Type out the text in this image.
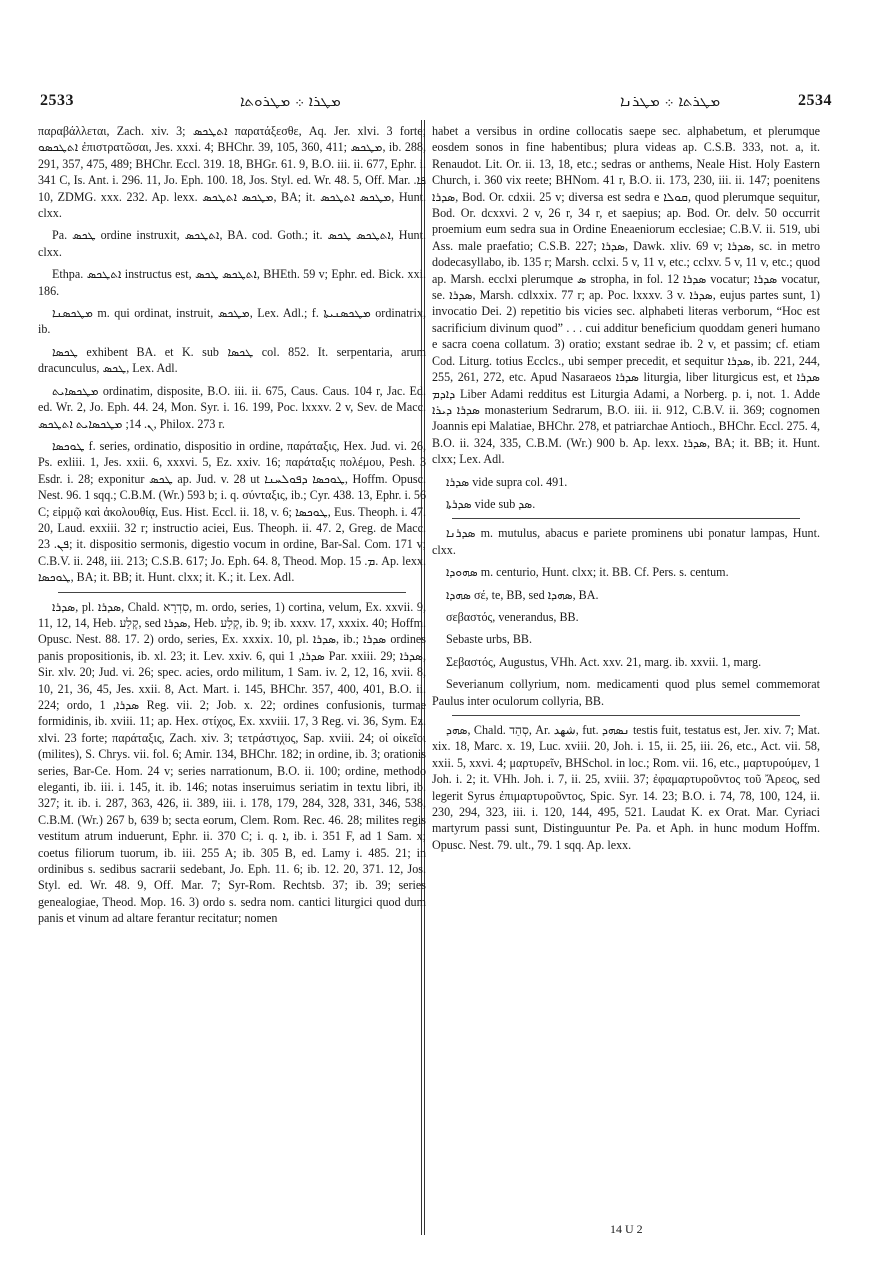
2533	ܡܛܪܐ ܀ ܡܛܪܘܬܐ	ܡܛܪܬܐ ܀ ܡܛܪܢܐ	2534

παραβάλλεται, Zach. xiv. 3; ܐܬܛܟܣ παρατάξεσθε, Aq. Jer. xlvi. 3 forte; ܐܬܛܟܣܘ ἐπιστρατῶσαι, Jes. xxxi. 4; BHChr. 39, 105, 360, 411; ܡܛܟܣ, ib. 288, 291, 357, 475, 489; BHChr. Eccl. 319. 18, BHGr. 61. 9, B.O. iii. ii. 677, Ephr. i. 341 C, Is. Ant. i. 296. 11, Jo. Eph. 100. 18, Jos. Styl. ed. Wr. 48. 5, Off. Mar. ܦܐ. 10, ZDMG. xxx. 232. Ap. lexx. ܡܛܟܣ ܐܬܛܟܣ, BA; it. ܡܛܟܣ ܐܬܛܟܣ, Hunt. clxx.

Pa. ܛܟܣ ordine instruxit, ܐܬܛܟܣ, BA. cod. Goth.; it. ܐܬܛܟܣ ܛܟܣ, Hunt. clxx.

Ethpa. ܐܬܛܟܣ instructus est, ܐܬܛܟܣ ܛܟܣ, BHEth. 59 v; Ephr. ed. Bick. xxi. 186.

ܡܛܟܣܢܐ m. qui ordinat, instruit, ܡܛܟܣ, Lex. Adl.; f. ܡܛܟܣܢܝܬܐ ordinatrix, ib.

ܛܟܣܐ exhibent BA. et K. sub ܛܟܣܐ col. 852. It. serpentaria, arum dracunculus, ܛܟܣ, Lex. Adl.

ܡܛܟܣܐܝܬ ordinatim, disposite, B.O. iii. ii. 675, Caus. Caus. 104 r, Jac. Ed. ed. Wr. 2, Jo. Eph. 44. 24, Mon. Syr. i. 16. 199, Poc. lxxxv. 2 v, Sev. de Macc. ܢ. 14; ܡܛܟܣܐܝܬ ܐܬܛܟܣ, Philox. 273 r.

ܛܘܟܣܐ f. series, ordinatio, dispositio in ordine, παράταξις, Hex. Jud. vi. 26, Ps. exliii. 1, Jes. xxii. 6, xxxvi. 5, Ez. xxiv. 16; παράταξις πολέμου, Pesh. 3 Esdr. i. 28; exponitur ܛܟܣ ap. Jud. v. 28 ut ܛܘܟܣܐ ܕܦܘܠܚܢܐ, Hoffm. Opusc. Nest. 96. 1 sqq.; C.B.M. (Wr.) 593 b; i. q. σύνταξις, ib.; Cyr. 438. 13, Ephr. i. 56 C; εἱρμῷ καὶ ἀκολουθίᾳ, Eus. Hist. Eccl. ii. 18, v. 6; ܛܘܟܣܐ, Eus. Theoph. i. 47. 20, Laud. exxiii. 32 r; instructio aciei, Eus. Theoph. ii. 47. 2, Greg. de Macc. ܦܢ. 23; it. dispositio sermonis, digestio vocum in ordine, Bar-Sal. Com. 171 v; C.B.V. ii. 248, iii. 213; C.S.B. 617; Jo. Eph. 64. 8, Theod. Mop. ܡ. 15. Ap. lexx. ܛܘܟܣܐ, BA; it. BB; it. Hunt. clxx; it. K.; it. Lex. Adl.

ܣܕܪܐ, pl. ܣܕܪܐ, Chald. סִדְרָא, m. ordo, series, 1) cortina, velum, Ex. xxvii. 9, 11, 12, 14, Heb. קֶלַע, sed ܣܕܪܐ, Heb. קֶלַע, ib. 9; ib. xxxv. 17, xxxix. 40; Hoffm. Opusc. Nest. 88. 17. 2) ordo, series, Ex. xxxix. 10, pl. ܣܕܪܐ, ib.; ܣܕܪܐ ordines panis propositionis, ib. xl. 23; it. Lev. xxiv. 6, qui ܣܕܪܐ, 1 Par. xxiii. 29; ܣܕܪܐ, Sir. xlv. 20; Jud. vi. 26; spec. acies, ordo militum, 1 Sam. iv. 2, 12, 16, xvii. 8, 10, 21, 36, 45, Jes. xxii. 8, Act. Mart. i. 145, BHChr. 357, 400, 401, B.O. ii. 224; ordo, ܣܕܪܐ, 1 Reg. vii. 2; Job. x. 22; ordines confusionis, turmae formidinis, ib. xviii. 11; ap. Hex. στίχος, Ex. xxviii. 17, 3 Reg. vi. 36, Sym. Ez. xlvi. 23 forte; παράταξις, Zach. xiv. 3; τετράστιχος, Sap. xviii. 24; οἱ οἰκεῖοι (milites), S. Chrys. vii. fol. 6; Amir. 134, BHChr. 182; in ordine, ib. 3; orationis series, Bar-Ce. Hom. 24 v; series narrationum, B.O. ii. 100; ordine, methodo eleganti, ib. iii. i. 145, it. ib. 146; notas inseruimus seriatim in textu libri, ib. 327; it. ib. i. 287, 363, 426, ii. 389, iii. i. 178, 179, 284, 328, 331, 346, 538, C.B.M. (Wr.) 267 b, 639 b; secta eorum, Clem. Rom. Rec. 46. 28; milites regis vestitum atrum induerunt, Ephr. ii. 370 C; i. q. ܐ, ib. i. 351 F, ad 1 Sam. x; coetus filiorum tuorum, ib. iii. 255 A; ib. 305 B, ed. Lamy i. 485. 21; in ordinibus s. sedibus sacrarii sedebant, Jo. Eph. 11. 6; ib. 12. 20, 371. 12, Jos. Styl. ed. Wr. 48. 9, Off. Mar. 7; Syr-Rom. Rechtsb. 37; ib. 39; series genealogiae, Theod. Mop. 16. 3) ordo s. sedra nom. cantici liturgici quod dum panis et vinum ad altare ferantur recitatur; nomen

habet a versibus in ordine collocatis saepe sec. alphabetum, et plerumque eosdem sonos in fine habentibus; plura videas ap. C.S.B. 333, not. a, it. Renaudot. Lit. Or. ii. 13, 18, etc.; sedras or anthems, Neale Hist. Holy Eastern Church, i. 360 vix reete; BHNom. 41 r, B.O. ii. 173, 230, iii. ii. 147; poenitens ܣܕܪܐ, Bod. Or. cdxii. 25 v; diversa est sedra e ܩܘܠܐ, quod plerumque sequitur, Bod. Or. dcxxvi. 2 v, 26 r, 34 r, et saepius; ap. Bod. Or. delv. 50 occurrit proemium eum sedra sua in Ordine Eneaeniorum ecclesiae; C.B.V. ii. 519, ubi Ass. male praefatio; C.S.B. 227; ܣܕܪܐ, Dawk. xliv. 69 v; ܣܕܪܐ, sc. in metro dodecasyllabo, ib. 135 r; Marsh. cclxi. 5 v, 11 v, etc.; cclxv. 5 v, 11 v, etc.; quod ap. Marsh. ecclxi plerumque ܣ stropha, in fol. 12 ܣܕܪܐ vocatur; ܣܕܪܐ vocatur, se. ܣܕܪܐ, Marsh. cdlxxix. 77 r; ap. Poc. lxxxv. 3 v. ܣܕܪܐ, eujus partes sunt, 1) invocatio Dei. 2) repetitio bis vicies sec. alphabeti literas verborum, “Hoc est sacrificium divinum quod” . . . cui additur beneficium quoddam generi humano e sacra coena collatum. 3) oratio; exstant sedrae ib. 2 v, et passim; cf. etiam Cod. Liturg. totius Ecclcs., ubi semper precedit, et sequitur ܣܕܪܐ, ib. 221, 244, 255, 261, 272, etc. Apud Nasaraeos ܣܕܪܐ liturgia, liber liturgicus est, et ܣܕܪܐ ܕܐܕܡ Liber Adami redditus est Liturgia Adami, a Norberg. p. i, not. 1. Adde ܣܕܪܐ ܕܝܪܐ monasterium Sedrarum, B.O. iii. ii. 912, C.B.V. ii. 369; cognomen Joannis epi Malatiae, BHChr. 278, et patriarchae Antioch., BHChr. Eccl. 275. 4, B.O. ii. 324, 335, C.B.M. (Wr.) 900 b. Ap. lexx. ܣܕܪܐ, BA; it. BB; it. Hunt. clxx; Lex. Adl.

ܣܕܪܐ vide supra col. 491.

ܣܕܪܬܐ vide sub ܣܕ.

ܣܕܪܢܐ m. mutulus, abacus e pariete prominens ubi ponatur lampas, Hunt. clxx.

ܣܗܘܕܐ m. centurio, Hunt. clxx; it. BB. Cf. Pers. s. centum.

ܣܗܕܐ σέ, te, BB, sed ܣܗܕܐ, BA.

σεβαστός, venerandus, BB.

Sebaste urbs, BB.

Σεβαστός, Augustus, VHh. Act. xxv. 21, marg. ib. xxvii. 1, marg.

Severianum collyrium, nom. medicamenti quod plus semel commemorat Paulus inter oculorum collyria, BB.

ܣܗܕ, Chald. סְהַד, Ar. شهد, fut. ܢܣܗܕ testis fuit, testatus est, Jer. xiv. 7; Mat. xix. 18, Marc. x. 19, Luc. xviii. 20, Joh. i. 15, ii. 25, iii. 26, etc., Act. vii. 58, xxii. 5, xxvi. 4; μαρτυρεῖν, BHSchol. in loc.; Rom. vii. 16, etc., μαρτυρούμεν, 1 Joh. i. 2; it. VHh. Joh. i. 7, ii. 25, xviii. 37; ἐφαμαρτυροῦντος τοῦ Ἄρεος, sed legerit Syrus ἐπιμαρτυροῦντος, Spic. Syr. 14. 23; B.O. i. 74, 78, 100, 124, ii. 230, 294, 323, iii. i. 120, 144, 495, 521. Laudat K. ex Orat. Mar. Cyriaci martyrum passi sunt, Distinguuntur Pe. Pa. et Aph. in hunc modum Hoffm. Opusc. Nest. 79. ult., 79. 1 sqq. Ap. lexx.

14 U 2
